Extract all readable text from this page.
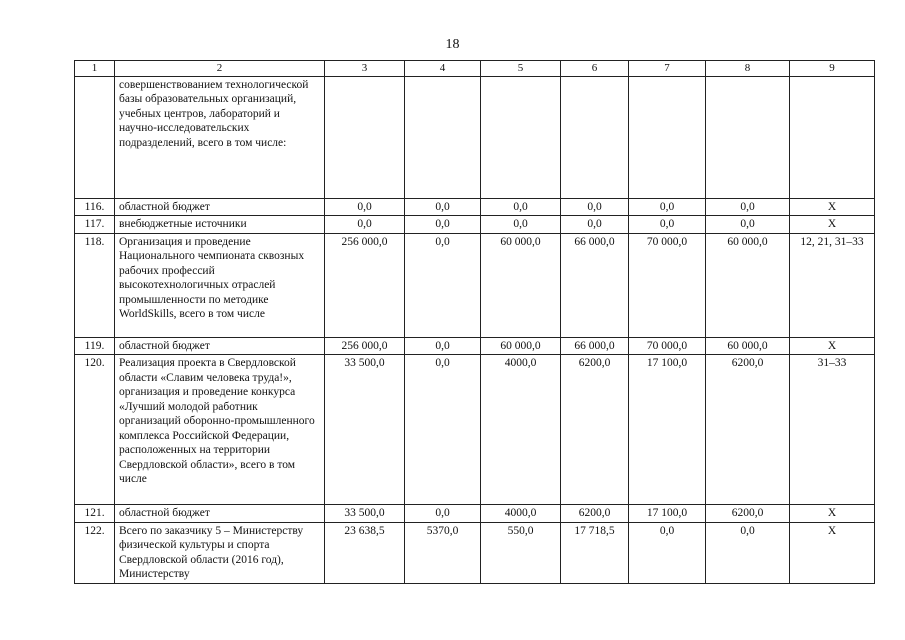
18
1	2	3	4	5	6	7	8	9
	совершенствованием технологической базы образовательных организаций, учебных центров, лабораторий и научно-исследовательских подразделений, всего в том числе:							
116.	областной бюджет	0,0	0,0	0,0	0,0	0,0	0,0	X
117.	внебюджетные источники	0,0	0,0	0,0	0,0	0,0	0,0	X
118.	Организация и проведение Национального чемпионата сквозных рабочих профессий высокотехнологичных отраслей промышленности по методике WorldSkills, всего в том числе	256 000,0	0,0	60 000,0	66 000,0	70 000,0	60 000,0	12, 21, 31–33
119.	областной бюджет	256 000,0	0,0	60 000,0	66 000,0	70 000,0	60 000,0	X
120.	Реализация проекта в Свердловской области «Славим человека труда!», организация и проведение конкурса «Лучший молодой работник организаций оборонно-промышленного комплекса Российской Федерации, расположенных на территории Свердловской области», всего в том числе	33 500,0	0,0	4000,0	6200,0	17 100,0	6200,0	31–33
121.	областной бюджет	33 500,0	0,0	4000,0	6200,0	17 100,0	6200,0	X
122.	Всего по заказчику 5 – Министерству физической культуры и спорта Свердловской области (2016 год), Министерству	23 638,5	5370,0	550,0	17 718,5	0,0	0,0	X
